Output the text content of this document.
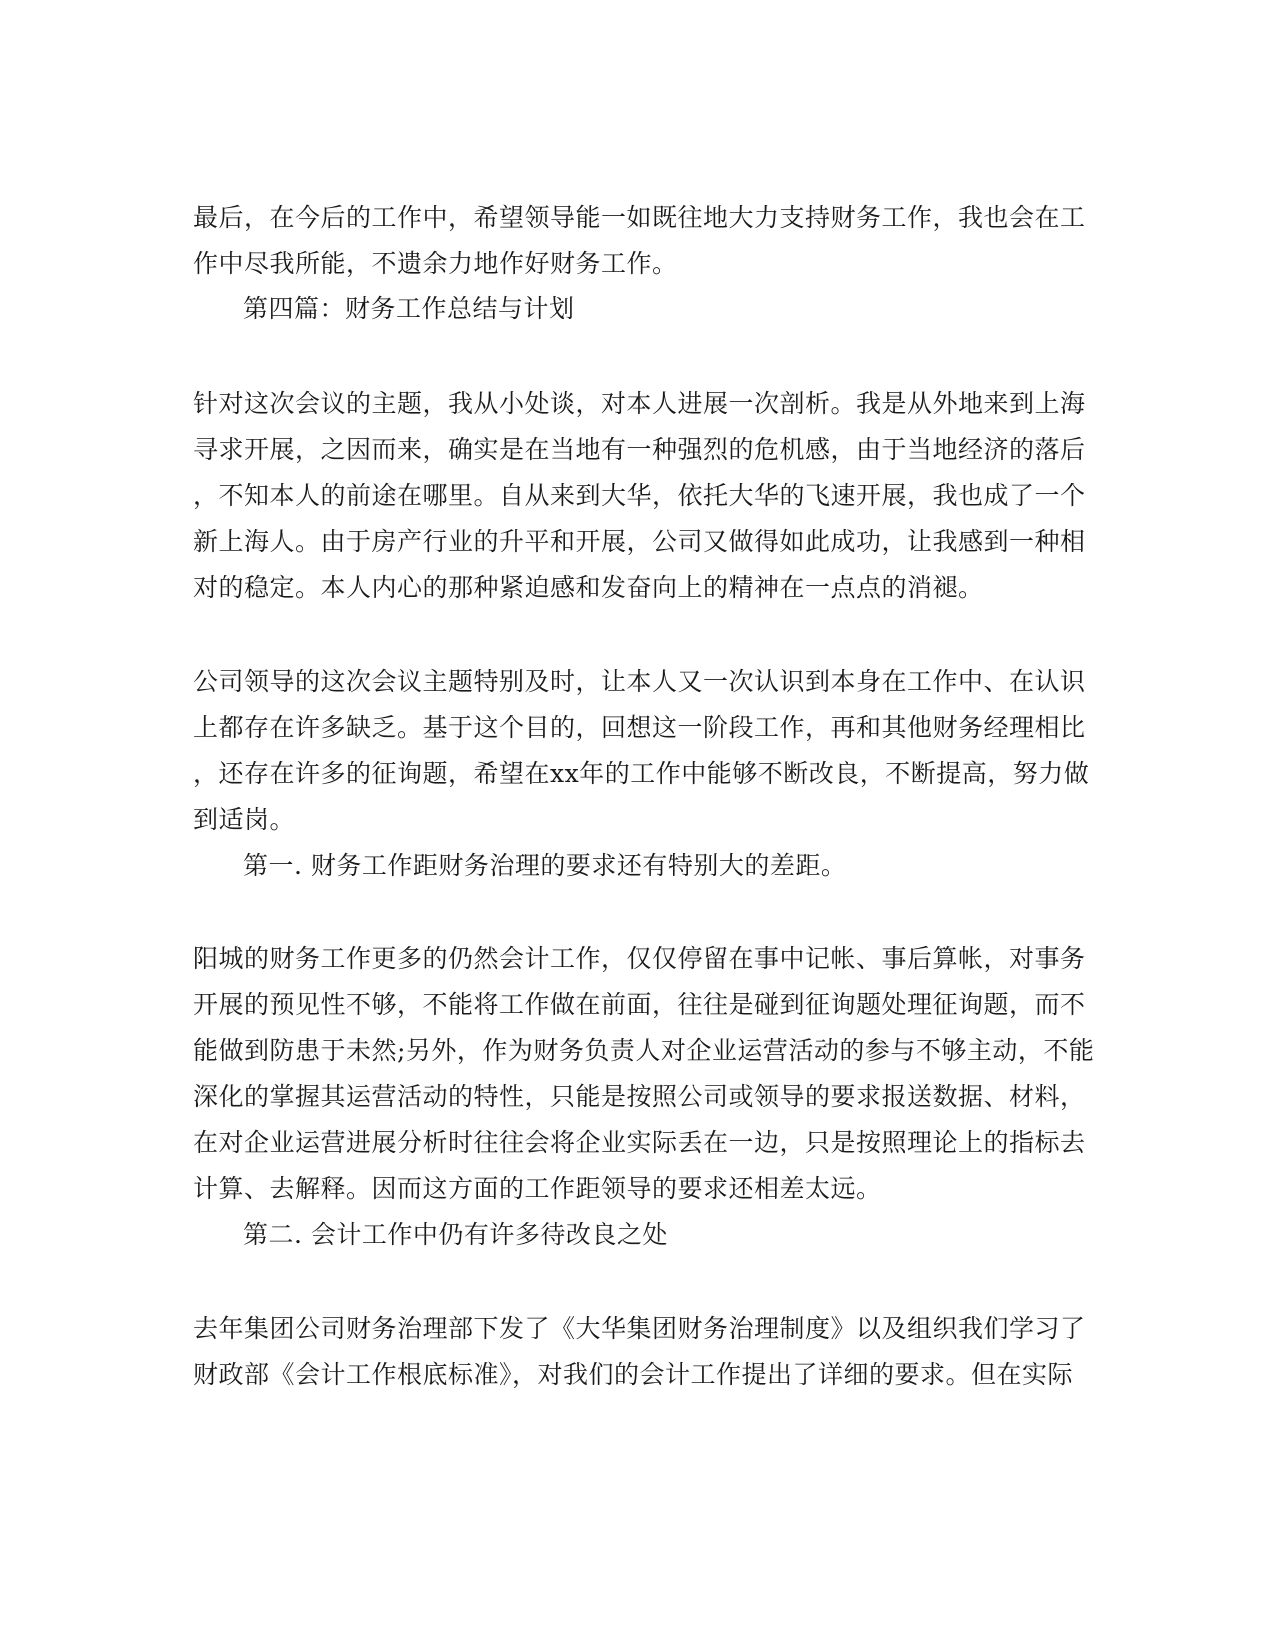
最后，在今后的工作中，希望领导能一如既往地大力支持财务工作，我也会在工
作中尽我所能，不遗余力地作好财务工作。
第四篇：财务工作总结与计划
针对这次会议的主题，我从小处谈，对本人进展一次剖析。我是从外地来到上海
寻求开展，之因而来，确实是在当地有一种强烈的危机感，由于当地经济的落后
，不知本人的前途在哪里。自从来到大华，依托大华的飞速开展，我也成了一个
新上海人。由于房产行业的升平和开展，公司又做得如此成功，让我感到一种相
对的稳定。本人内心的那种紧迫感和发奋向上的精神在一点点的消褪。
公司领导的这次会议主题特别及时，让本人又一次认识到本身在工作中、在认识
上都存在许多缺乏。基于这个目的，回想这一阶段工作，再和其他财务经理相比
，还存在许多的征询题，希望在xx年的工作中能够不断改良，不断提高，努力做
到适岗。
第一. 财务工作距财务治理的要求还有特别大的差距。
阳城的财务工作更多的仍然会计工作，仅仅停留在事中记帐、事后算帐，对事务
开展的预见性不够，不能将工作做在前面，往往是碰到征询题处理征询题，而不
能做到防患于未然;另外，作为财务负责人对企业运营活动的参与不够主动，不能
深化的掌握其运营活动的特性，只能是按照公司或领导的要求报送数据、材料，
在对企业运营进展分析时往往会将企业实际丢在一边，只是按照理论上的指标去
计算、去解释。因而这方面的工作距领导的要求还相差太远。
第二. 会计工作中仍有许多待改良之处
去年集团公司财务治理部下发了《大华集团财务治理制度》以及组织我们学习了
财政部《会计工作根底标准》，对我们的会计工作提出了详细的要求。但在实际
